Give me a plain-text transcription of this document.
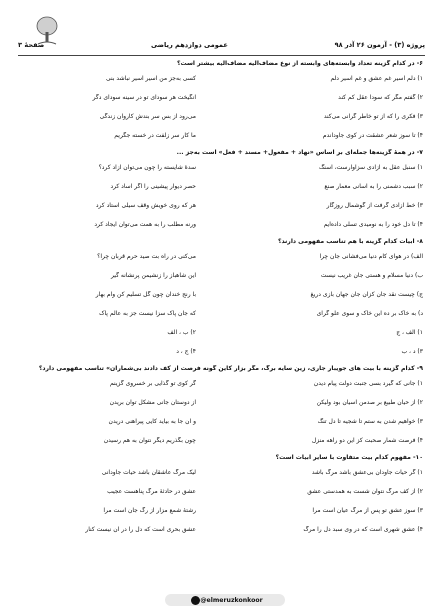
پروژه (۳) - آزمون ۲۶ آذر ۹۸
عمومی دوازدهم ریاضی
صفحهٔ ۳
۶- در کدام گزینه تعداد وابسته‌های وابسته از نوع مضاف‌الیه مضاف‌الیه بیشتر است؟
۱) دلم اسیر غم عشق و غم اسیر دلم
کسی به‌جز من اسیر اسیر نباشد بنی
۲) گفتم مگر که سودا عقل کم کند
انگیخت هر سودای تو در سینه سودای دگر
۳) فکری را که از تو خاطر گرانی می‌کند
می‌رود از بس سر بندش کاروان زندگی
۴) تا سوز شعر عشقت در کوی جاوداندم
ما کار سر زلفت در خسته جگریم
۷- در همهٔ گزینه‌ها جمله‌ای بر اساس «نهاد + مفعول+ مسند + فعل» است به‌جز ...
۱) سنبل عقل به آزادی سزاوارست، اسنگ
سدهٔ شایسته را چون می‌توان آزاد کرد؟
۲) سبب دشمنی را به آسانی معمار صنع
حصر دیوار پیشینی را اگر آساد کرد
۳) خط آزادی گرفت از گوشمال روزگار
هر که روی خویش وقف سیلی استاد کرد
۴) تا دل خود را به نومیدی تسلی داده‌ایم
ورنه مطلب را به همت می‌توان ایجاد کرد
۸- ابیات کدام گزینه با هم تناسب مفهومی دارند؟
الف) در هوای کام دنیا می‌فشانی جان چرا
می‌کنی در راه بت صید حرم قربان چرا؟
ب) دنیا مسلام و هستی جان غریب نیست
این شاهباز را زنشیمن پرنشانه گیر
ج) چیست نقد جان کزان جان جهان بازی دریغ
با رنج خندان چون گل تسلیم کن وام بهار
د) به خاک بر ده این خاک و سوی علو گرای
که جان پاک سزا نیست جز به عالم پاک
۱) الف ، ج
۲) ب ، الف
۳) د ، ب
۴) ج ، د
۹- کدام گزینه با بیت های جویبار جاری، زین سایه برگ، مگر بزار کاین گونه فرصت از کف دادند بی‌شماران» تناسب مفهومی دارد؟
۱) جانی که گیرد بسی جنبت دولت پیام دیدن
گر کوی تو گذایی بر خسروی گزینم
۲) از حیان طبیع بر صدمن آسیان بود ولیکن
از دوستان جانی مشکل توان بریدن
۳) خواهیم شدن به ستم تا شجیه تا دل تنگ
و آن جا به بیاید کآیی پیراهنی دریدن
۴) فرصت شمار صحبت کز این دو راهه منزل
چون بگذریم دیگر نتوان به هم رسیدن
۱۰- مفهوم کدام بیت متفاوت با سایر ابیات است؟
۱) گر حیات جاودان بی‌عشق باشد مرگ باشد
لیک مرگ عاشقان باشد حیات جاودانی
۲) از کف مرگ نتوان شست به همدستی عشق
عشق در حادثهٔ مرگ پناهست عجیب
۳) سوز عشق تو پس از مرگ عیان است مرا
رشتهٔ شمع مزار از رگ جان است مرا
۴) عشق شهری است که در وی سبد دل را مرگ
عشق بحری است که دل را در آن نیست کنار
@elmeruzkonkoor
